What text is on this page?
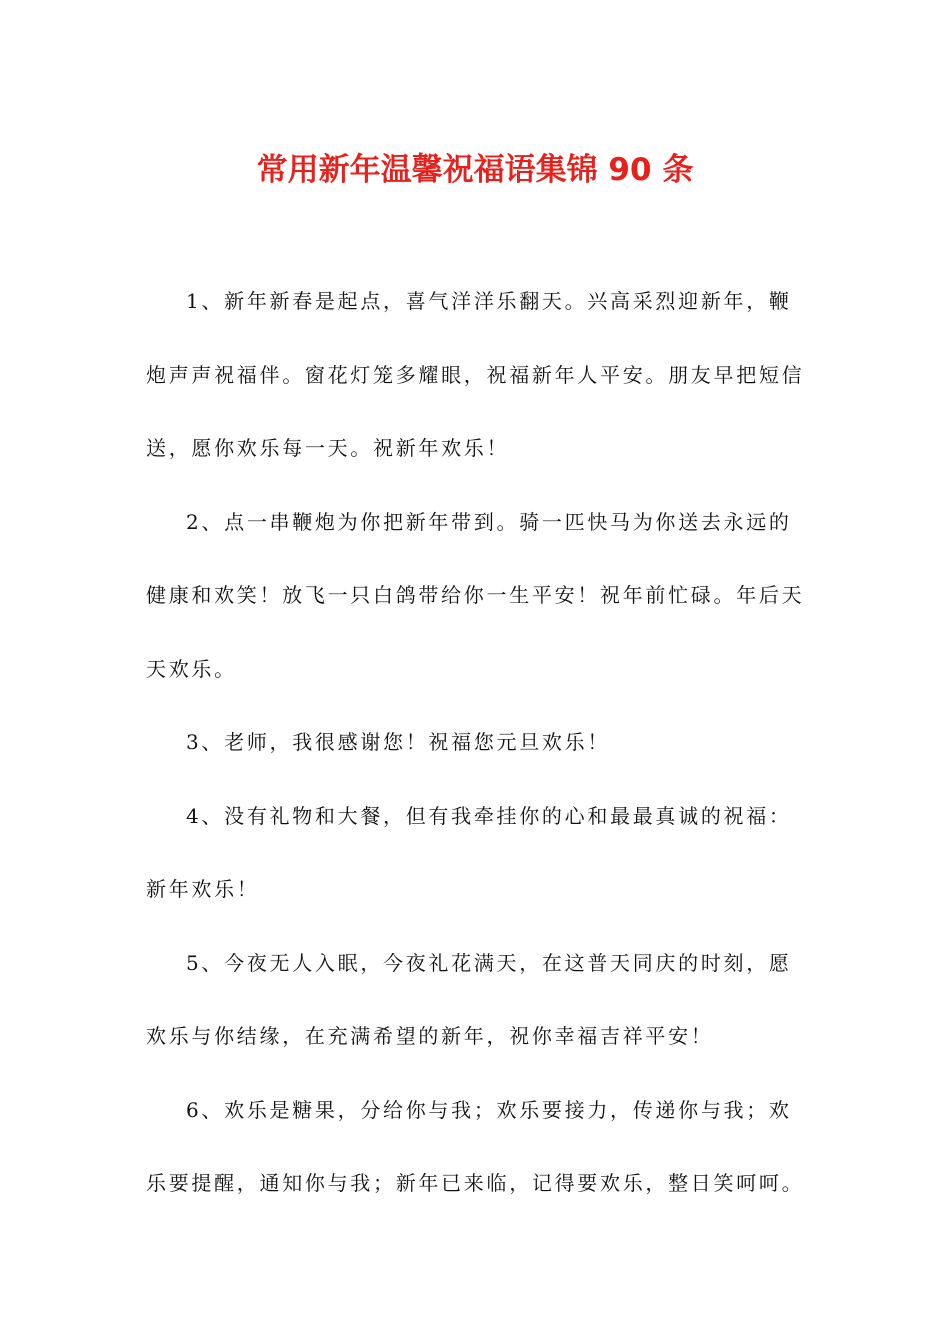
常用新年温馨祝福语集锦 90 条

1、新年新春是起点，喜气洋洋乐翻天。兴高采烈迎新年，鞭炮声声祝福伴。窗花灯笼多耀眼，祝福新年人平安。朋友早把短信送，愿你欢乐每一天。祝新年欢乐！

2、点一串鞭炮为你把新年带到。骑一匹快马为你送去永远的健康和欢笑！放飞一只白鸽带给你一生平安！祝年前忙碌。年后天天欢乐。

3、老师，我很感谢您！祝福您元旦欢乐！

4、没有礼物和大餐，但有我牵挂你的心和最最真诚的祝福：新年欢乐！

5、今夜无人入眠，今夜礼花满天，在这普天同庆的时刻，愿欢乐与你结缘，在充满希望的新年，祝你幸福吉祥平安！

6、欢乐是糖果，分给你与我；欢乐要接力，传递你与我；欢乐要提醒，通知你与我；新年已来临，记得要欢乐，整日笑呵呵。
